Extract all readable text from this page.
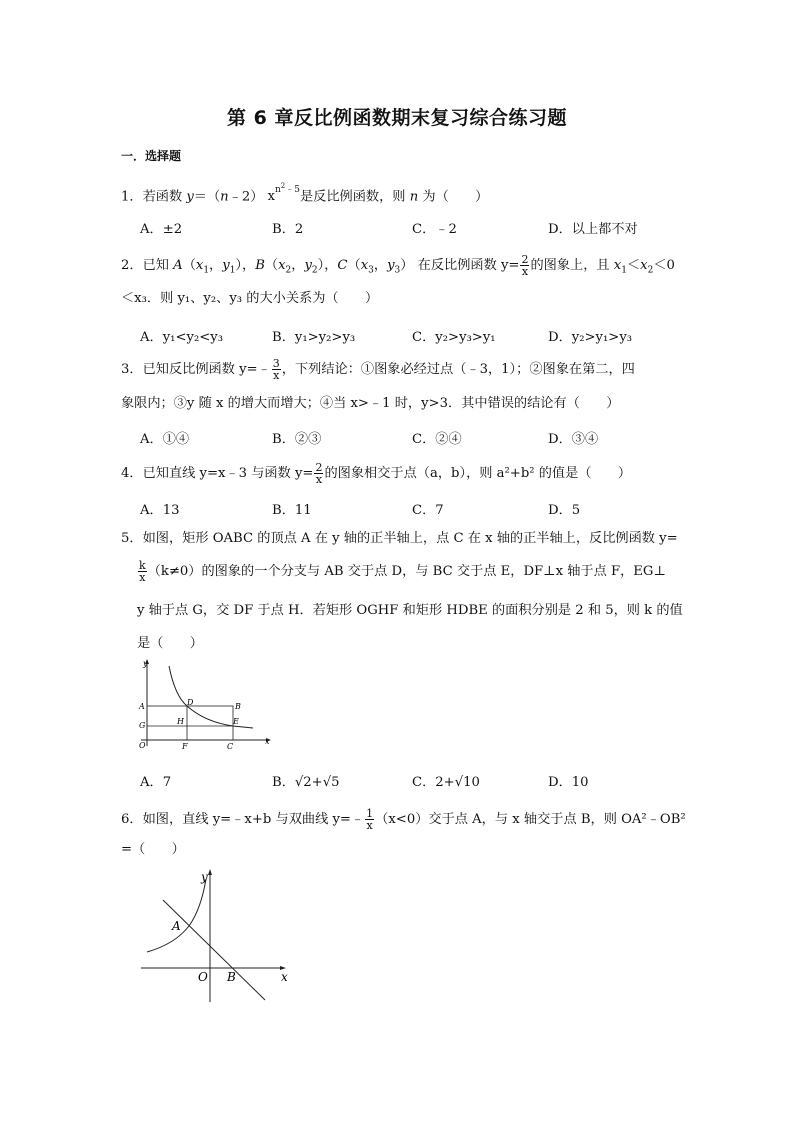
第 6 章反比例函数期末复习综合练习题
一．选择题
1．若函数 y＝（n﹣2） $x^{n^2﹣5}$是反比例函数，则 n 为（　　）
A．±2	B．2	C．﹣2	D．以上都不对
2．已知 $A(x_1$，$y_1$），$B(x_2$，$y_2$），$C(x_3$，$y_3$） 在反比例函数 $y= \frac{2}{x}$ 的图象上，且 $x_1<x_2<0$
＜x₃．则 y₁、y₂、y₃ 的大小关系为（　　）
A．y₁<y₂<y₃	B．y₁>y₂>y₃	C．y₂>y₃>y₁	D．y₂>y₁>y₃
3．已知反比例函数 y=﹣ $\frac{3}{x}$ ，下列结论：①图象必经过点（﹣3，1）；②图象在第二，四
象限内；③y 随 x 的增大而增大；④当 x>﹣1 时，y>3．其中错误的结论有（　　）
A．①④	B．②③	C．②④	D．③④
4．已知直线 y=x﹣3 与函数 $y= \frac{2}{x}$ 的图象相交于点（a，b），则 a²+b² 的值是（　　）
A．13	B．11	C．7	D．5
5．如图，矩形 OABC 的顶点 A 在 y 轴的正半轴上，点 C 在 x 轴的正半轴上，反比例函数 y=
$\frac{k}{x} (k\ne 0)$的图象的一个分支与 AB 交于点 D，与 BC 交于点 E，DF⊥x 轴于点 F，EG⊥
y 轴于点 G，交 DF 于点 H．若矩形 OGHF 和矩形 HDBE 的面积分别是 2 和 5，则 k 的值
是（　　）
y
A	D	B
G	H	E
O	F	C
x
A．7	B．√2+√5	C．2+√10	D．10
6．如图，直线 y=﹣x+b 与双曲线 y=﹣ $\frac{1}{x} (x<0)$交于点 A，与 x 轴交于点 B，则 OA²﹣OB²
=（　　）
y
A
O B	x
